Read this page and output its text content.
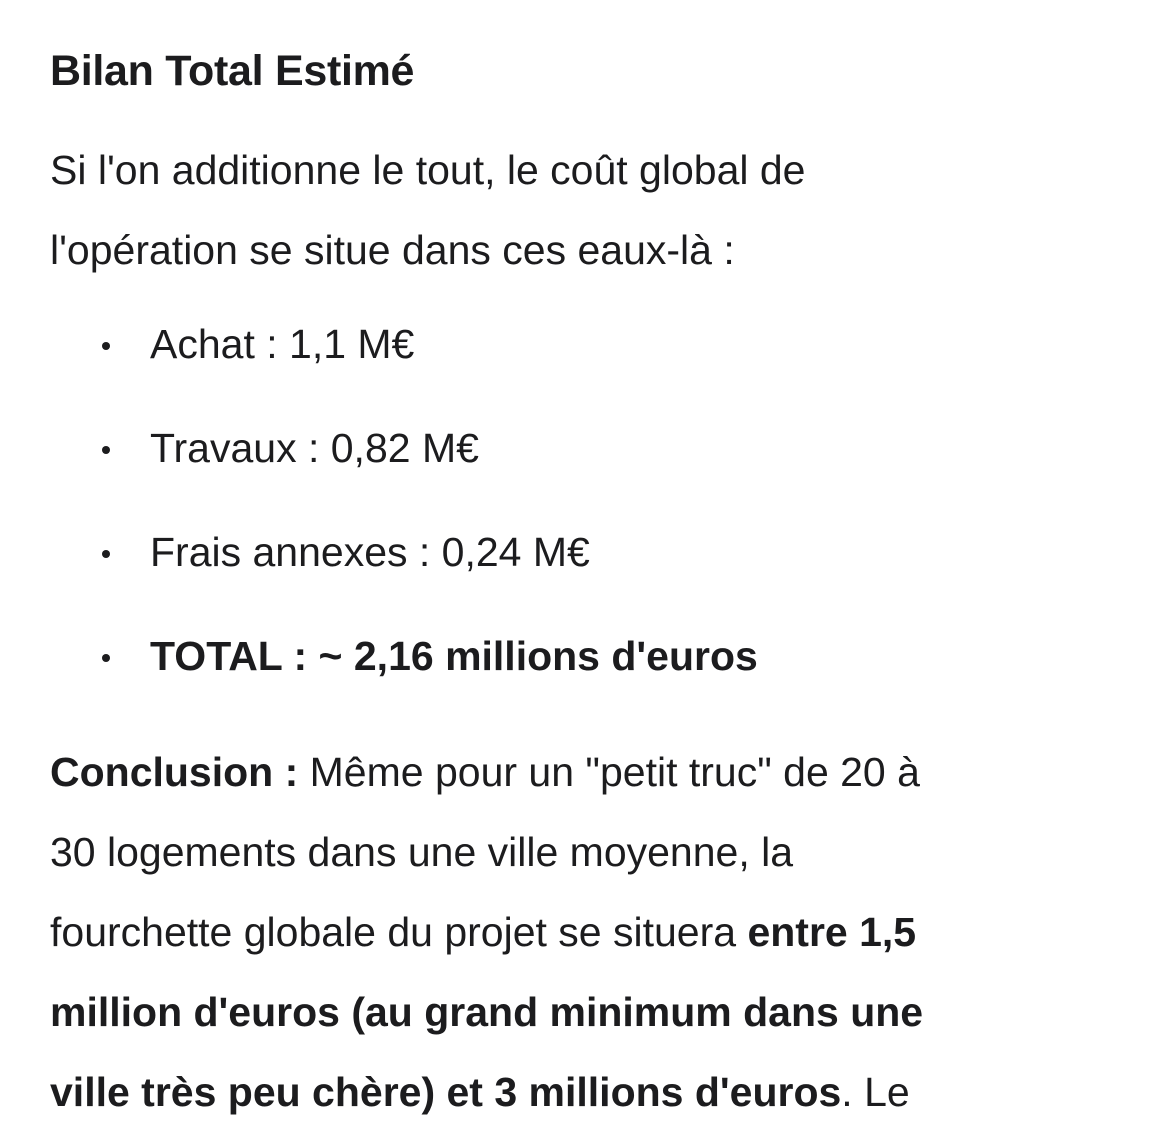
Bilan Total Estimé

Si l'on additionne le tout, le coût global de
l'opération se situe dans ces eaux-là :

Achat : 1,1 M€
Travaux : 0,82 M€
Frais annexes : 0,24 M€
TOTAL : ~ 2,16 millions d'euros

Conclusion : Même pour un "petit truc" de 20 à
30 logements dans une ville moyenne, la
fourchette globale du projet se situera entre 1,5
million d'euros (au grand minimum dans une
ville très peu chère) et 3 millions d'euros. Le
